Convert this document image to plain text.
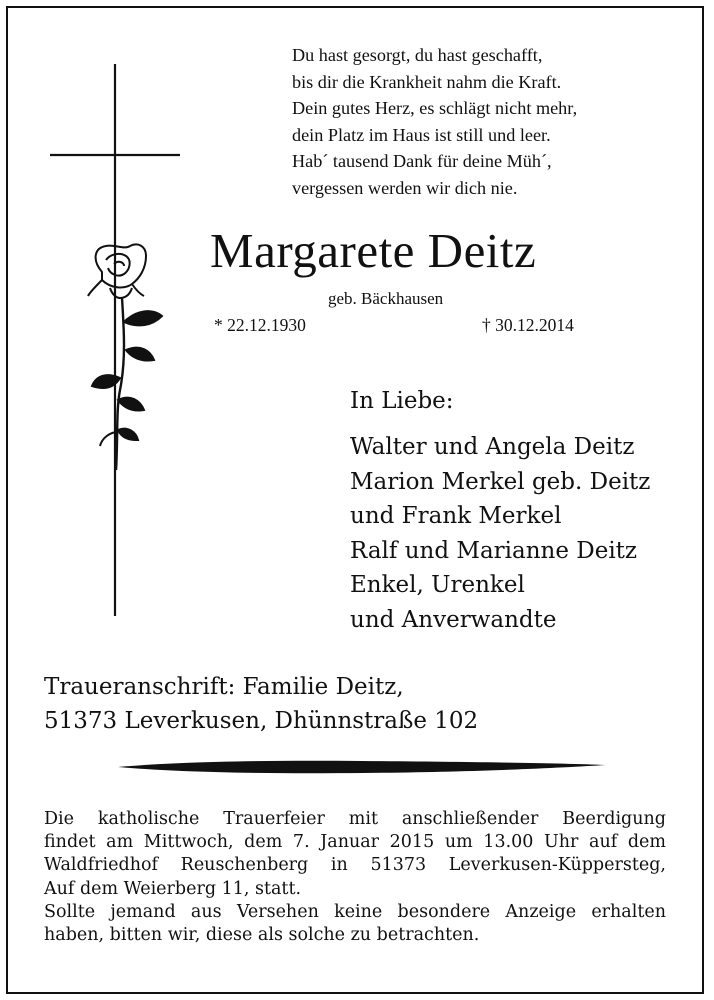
Du hast gesorgt, du hast geschafft,
bis dir die Krankheit nahm die Kraft.
Dein gutes Herz, es schlägt nicht mehr,
dein Platz im Haus ist still und leer.
Hab´ tausend Dank für deine Müh´,
vergessen werden wir dich nie.
Margarete Deitz
geb. Bäckhausen
* 22.12.1930	† 30.12.2014
In Liebe:
Walter und Angela Deitz
Marion Merkel geb. Deitz
und Frank Merkel
Ralf und Marianne Deitz
Enkel, Urenkel
und Anverwandte
Traueranschrift: Familie Deitz,
51373 Leverkusen, Dhünnstraße 102
Die katholische Trauerfeier mit anschließender Beerdigung
findet am Mittwoch, dem 7. Januar 2015 um 13.00 Uhr auf dem
Waldfriedhof Reuschenberg in 51373 Leverkusen-Küppersteg,
Auf dem Weierberg 11, statt.
Sollte jemand aus Versehen keine besondere Anzeige erhalten
haben, bitten wir, diese als solche zu betrachten.
